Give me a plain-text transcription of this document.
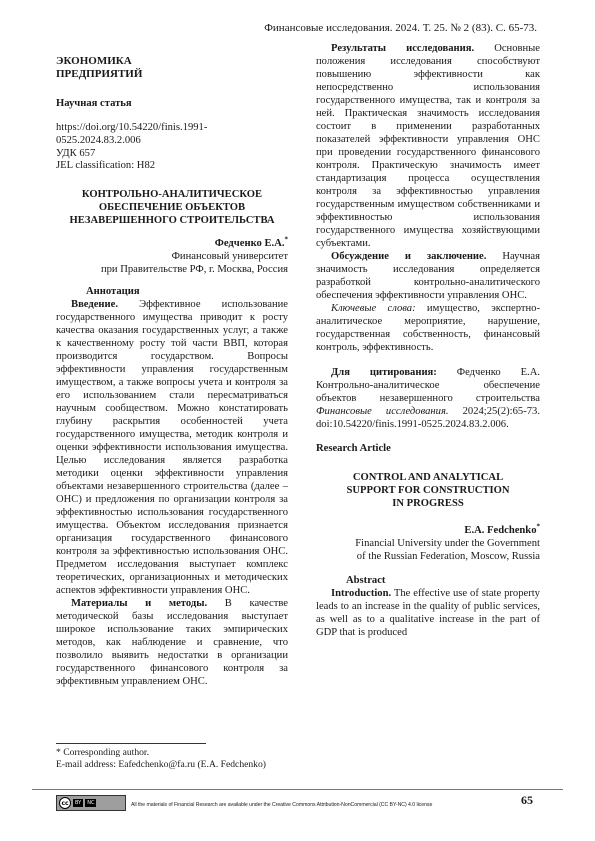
Финансовые исследования. 2024. Т. 25. № 2 (83). С. 65-73.

ЭКОНОМИКА

ПРЕДПРИЯТИЙ

Научная статья

https://doi.org/10.54220/finis.1991-

0525.2024.83.2.006

УДК 657

JEL classification: H82

КОНТРОЛЬНО-АНАЛИТИЧЕСКОЕ

ОБЕСПЕЧЕНИЕ ОБЪЕКТОВ

НЕЗАВЕРШЕННОГО СТРОИТЕЛЬСТВА

Федченко Е.А.*

Финансовый университет

при Правительстве РФ, г. Москва, Россия

Аннотация

Введение. Эффективное использование государственного имущества приводит к росту качества оказания государственных услуг, а также к качественному росту той части ВВП, которая производится государством. Вопросы эффективности управления государственным имуществом, а также вопросы учета и контроля за его использованием стали пересматриваться научным сообществом. Можно констатировать глубину раскрытия особенностей учета государственного имущества, методик контроля и оценки эффективности использования имущества. Целью исследования является разработка методики оценки эффективности управления объектами незавершенного строительства (далее – ОНС) и предложения по организации контроля за эффективностью использования государственного имущества. Объектом исследования признается организация государственного финансового контроля за эффективностью использования ОНС. Предметом исследования выступает комплекс теоретических, организационных и методических аспектов эффективности управления ОНС.

Материалы и методы. В качестве методической базы исследования выступает широкое использование таких эмпирических методов, как наблюдение и сравнение, что позволило выявить недостатки в организации государственного финансового контроля за эффективным управлением ОНС.

* Corresponding author.

E-mail address: Eafedchenko@fa.ru (E.A. Fedchenko)

Результаты исследования. Основные положения исследования способствуют повышению эффективности как непосредственно использования государственного имущества, так и контроля за ней. Практическая значимость исследования состоит в применении разработанных показателей эффективности управления ОНС при проведении государственного финансового контроля. Практическую значимость имеет стандартизация процесса осуществления контроля за эффективностью управления государственным имуществом собственниками и эффективностью использования государственного имущества хозяйствующими субъектами.

Обсуждение и заключение. Научная значимость исследования определяется разработкой контрольно-аналитического обеспечения эффективности управления ОНС.

Ключевые слова: имущество, экспертно-аналитическое мероприятие, нарушение, государственная собственность, финансовый контроль, эффективность.

Для цитирования: Федченко Е.А. Контрольно-аналитическое обеспечение объектов незавершенного строительства Финансовые исследования. 2024;25(2):65-73. doi:10.54220/finis.1991-0525.2024.83.2.006.

Research Article

CONTROL AND ANALYTICAL

SUPPORT FOR CONSTRUCTION

IN PROGRESS

E.A. Fedchenko*

Financial University under the Government

of the Russian Federation, Moscow, Russia

Abstract

Introduction. The effective use of state property leads to an increase in the quality of public services, as well as to a qualitative increase in the part of GDP that is produced

cc	BY	NC	All the materials of Financial Research are available under the Creative Commons Attribution-NonCommercial (CC BY-NC) 4.0 license	65
